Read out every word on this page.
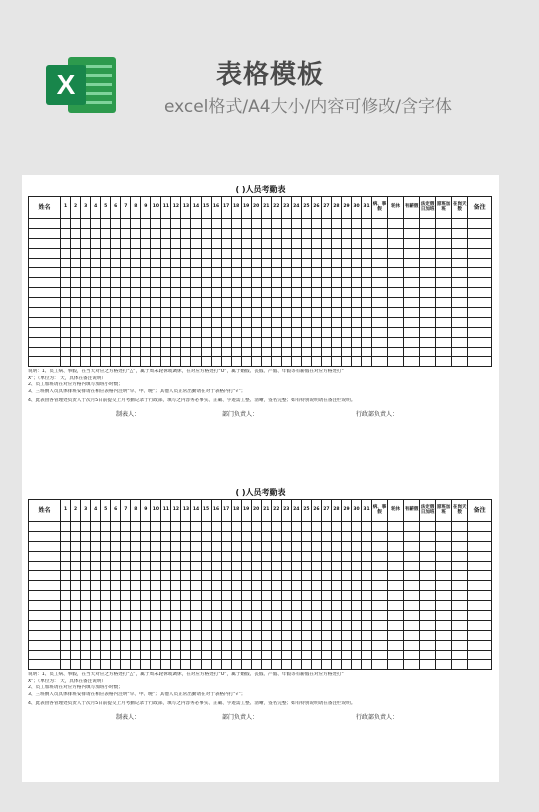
X	表格模板
excel格式/A4大小/内容可修改/含字体
( )人员考勤表
姓名	1	2	3	4	5	6	7	8	9	10	11	12	13	14	15	16	17	18	19	20	21	22	23	24	25	26	27	28	29	30	31	病、事假	轮休	有薪假	法定假日加班	原班加班	在岗天数	备注

说明：1、员工病、事假，在当天对应之方格处打“△”，属于周末轮休或调休，在对应方格处打“O”，属于婚假、丧假、产假、年假等有薪假在对应方格处打“

X”；（单位为： 天，具体在备注说明）

2、员工加班请在对应方格内填写加班小时数；

3、三班倒人员具体排班安排请在相应表格内注明“早、中、晚”；其他人员正常出勤请在对于表格内打“√”；

4、此表由各管理处负责人于次月5日前提交上月考勤记录于行政部，填写之内容务必事实、正确、字迹需工整、清晰，签名完整；如有特别说明请在备注栏说明。

制表人：	部门负责人：	行政部负责人：
( )人员考勤表
姓名	1	2	3	4	5	6	7	8	9	10	11	12	13	14	15	16	17	18	19	20	21	22	23	24	25	26	27	28	29	30	31	病、事假	轮休	有薪假	法定假日加班	原班加班	在岗天数	备注

说明：1、员工病、事假，在当天对应之方格处打“△”，属于周末轮休或调休，在对应方格处打“O”，属于婚假、丧假、产假、年假等有薪假在对应方格处打“

X”；（单位为： 天，具体在备注说明）

2、员工加班请在对应方格内填写加班小时数；

3、三班倒人员具体排班安排请在相应表格内注明“早、中、晚”；其他人员正常出勤请在对于表格内打“√”；

4、此表由各管理处负责人于次月5日前提交上月考勤记录于行政部，填写之内容务必事实、正确、字迹需工整、清晰，签名完整；如有特别说明请在备注栏说明。

制表人：	部门负责人：	行政部负责人：
